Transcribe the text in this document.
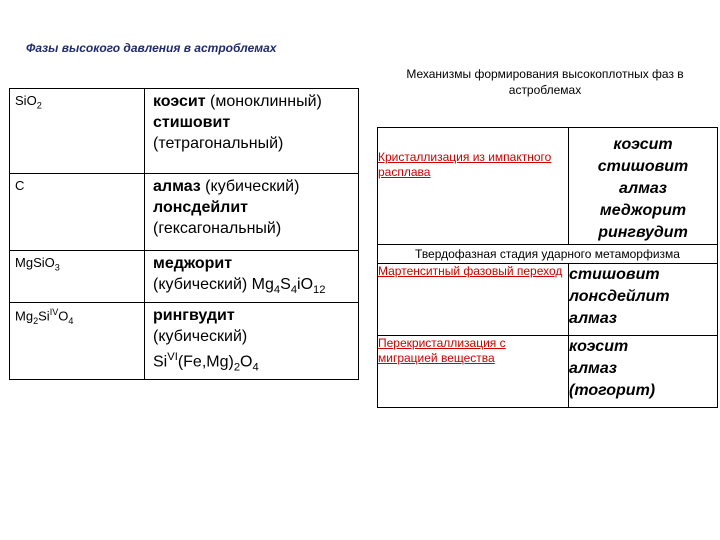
Фазы высокого давления в астроблемах
SiO$_2$	коэсит (моноклинный)
стишовит
(тетрагональный)
C	алмаз (кубический)
лонсдейлит
(гексагональный)
MgSiO$_3$	меджорит
(кубический) $Mg_4S_4iO_{12}$
$Mg_2Si^{IV}O_4$	рингвудит
(кубический)
$Si^{VI}(Fe,Mg)_2O_4$
Механизмы формирования высокоплотных фаз в астроблемах
Кристаллизация из импактного расплава	коэсит
стишовит
алмаз
меджорит
рингвудит
Твердофазная стадия ударного метаморфизма	
Мартенситный фазовый переход	стишовит
лонсдейлит
алмаз
Перекристаллизация с миграцией вещества	коэсит
алмаз
(тогорит)
